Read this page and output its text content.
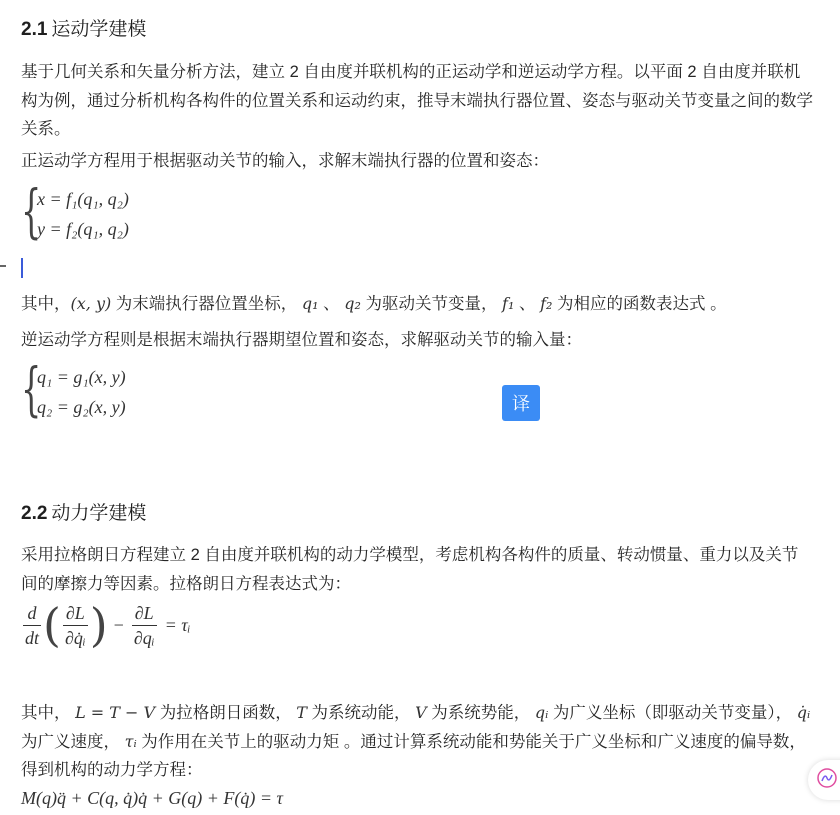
2.1 运动学建模

基于几何关系和矢量分析方法，建立 2 自由度并联机构的正运动学和逆运动学方程。以平面 2 自由度并联机构为例，通过分析机构各构件的位置关系和运动约束，推导末端执行器位置、姿态与驱动关节变量之间的数学关系。

正运动学方程用于根据驱动关节的输入，求解末端执行器的位置和姿态：

{
x = f₁(q₁, q₂)
y = f₂(q₁, q₂)

其中，(x, y) 为末端执行器位置坐标， q₁ 、 q₂ 为驱动关节变量， f₁ 、 f₂ 为相应的函数表达式 。

逆运动学方程则是根据末端执行器期望位置和姿态，求解驱动关节的输入量：

{
q₁ = g₁(x, y)
q₂ = g₂(x, y)
2.2 动力学建模

采用拉格朗日方程建立 2 自由度并联机构的动力学模型，考虑机构各构件的质量、转动惯量、重力以及关节间的摩擦力等因素。拉格朗日方程表达式为：

$\frac{d}{dt}$ ( $\frac{\partial L}{\text{∂q̇ᵢ}}$ ) − $\frac{\partial L}{\text{∂qᵢ}}$ = τᵢ

其中， L = T − V 为拉格朗日函数， T 为系统动能， V 为系统势能， qᵢ 为广义坐标（即驱动关节变量）， q̇ᵢ 为广义速度， τᵢ 为作用在关节上的驱动力矩 。通过计算系统动能和势能关于广义坐标和广义速度的偏导数，得到机构的动力学方程：

M(q)q̈ + C(q, q̇)q̇ + G(q) + F(q̇) = τ
译
